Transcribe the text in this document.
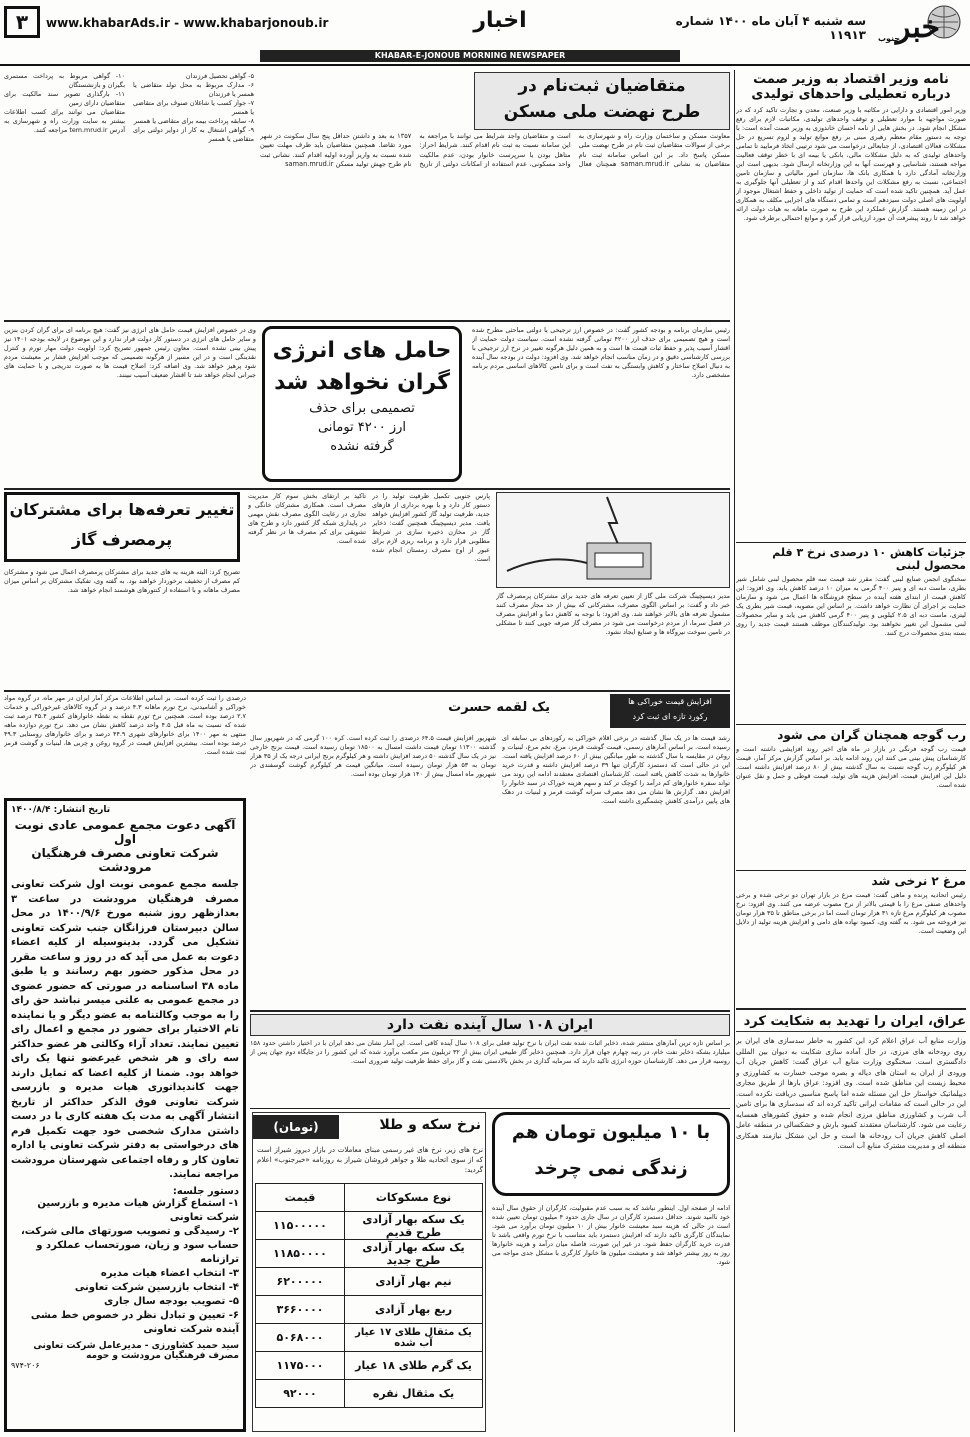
خبر
جنوب
سه شنبه ۴ آبان ماه ۱۴۰۰ شماره ۱۱۹۱۳
اخبار
www.khabarAds.ir - www.khabarjonoub.ir
۳
KHABAR-E-JONOUB MORNING NEWSPAPER
نامه وزیر اقتصاد به وزیر صمت
درباره تعطیلی واحدهای تولیدی
وزیر امور اقتصادی و دارایی در مکاتبه با وزیر صنعت، معدن و تجارت تاکید کرد که در صورت مواجهه با موارد تعطیلی و توقف واحدهای تولیدی، مکاتبات لازم برای رفع مشکل انجام شود. در بخش هایی از نامه احسان خاندوزی به وزیر صمت آمده است: با توجه به دستور مقام معظم رهبری مبنی بر رفع موانع تولید و لزوم تسریع در حل مشکلات فعالان اقتصادی، از جنابعالی درخواست می شود ترتیبی اتخاذ فرمایید تا تمامی واحدهای تولیدی که به دلیل مشکلات مالی، بانکی یا بیمه ای با خطر توقف فعالیت مواجه هستند، شناسایی و فهرست آنها به این وزارتخانه ارسال شود. بدیهی است این وزارتخانه آمادگی دارد با همکاری بانک ها، سازمان امور مالیاتی و سازمان تامین اجتماعی، نسبت به رفع مشکلات این واحدها اقدام کند و از تعطیلی آنها جلوگیری به عمل آید. همچنین تاکید شده است که حمایت از تولید داخلی و حفظ اشتغال موجود از اولویت های اصلی دولت سیزدهم است و تمامی دستگاه های اجرایی مکلف به همکاری در این زمینه هستند. گزارش عملکرد این طرح به صورت ماهانه به هیات دولت ارائه خواهد شد تا روند پیشرفت آن مورد ارزیابی قرار گیرد و موانع احتمالی برطرف شود.
جزئیات کاهش ۱۰ درصدی نرخ ۳ قلم محصول لبنی
سخنگوی انجمن صنایع لبنی گفت: مقرر شد قیمت سه قلم محصول لبنی شامل شیر بطری، ماست دبه ای و پنیر ۴۰۰ گرمی به میزان ۱۰ درصد کاهش یابد. وی افزود: این کاهش قیمت از ابتدای هفته آینده در سطح فروشگاه ها اعمال می شود و سازمان حمایت بر اجرای آن نظارت خواهد داشت. بر اساس این مصوبه، قیمت شیر بطری یک لیتری، ماست دبه ای ۲.۵ کیلویی و پنیر ۴۰۰ گرمی کاهش می یابد و سایر محصولات لبنی مشمول این تغییر نخواهند بود. تولیدکنندگان موظف هستند قیمت جدید را روی بسته بندی محصولات درج کنند.
رب گوجه همچنان گران می شود
قیمت رب گوجه فرنگی در بازار در ماه های اخیر روند افزایشی داشته است و کارشناسان پیش بینی می کنند این روند ادامه یابد. بر اساس گزارش مرکز آمار، قیمت هر کیلوگرم رب گوجه نسبت به سال گذشته بیش از ۸۰ درصد افزایش داشته است. دلیل این افزایش قیمت، افزایش هزینه های تولید، قیمت قوطی و حمل و نقل عنوان شده است.
مرغ ۲ نرخی شد
رئیس اتحادیه پرنده و ماهی گفت: قیمت مرغ در بازار تهران دو نرخی شده و برخی واحدهای صنفی مرغ را با قیمتی بالاتر از نرخ مصوب عرضه می کنند. وی افزود: نرخ مصوب هر کیلوگرم مرغ تازه ۳۱ هزار تومان است اما در برخی مناطق تا ۳۵ هزار تومان نیز فروخته می شود. به گفته وی، کمبود نهاده های دامی و افزایش هزینه تولید از دلایل این وضعیت است.
عراق، ایران را تهدید به شکایت کرد
وزارت منابع آب عراق اعلام کرد این کشور به خاطر سدسازی های ایران بر روی رودخانه های مرزی، در حال آماده سازی شکایت به دیوان بین المللی دادگستری است. سخنگوی وزارت منابع آب عراق گفت: کاهش جریان آب ورودی از ایران به استان های دیاله و بصره موجب خسارت به کشاورزی و محیط زیست این مناطق شده است. وی افزود: عراق بارها از طریق مجاری دیپلماتیک خواستار حل این مسئله شده اما پاسخ مناسبی دریافت نکرده است. این در حالی است که مقامات ایرانی تاکید کرده اند که سدسازی ها برای تامین آب شرب و کشاورزی مناطق مرزی انجام شده و حقوق کشورهای همسایه رعایت می شود. کارشناسان معتقدند کمبود بارش و خشکسالی در منطقه عامل اصلی کاهش جریان آب رودخانه ها است و حل این مشکل نیازمند همکاری منطقه ای و مدیریت مشترک منابع آب است.
متقاضیان ثبت‌نام در
طرح نهضت ملی مسکن
معاونت مسکن و ساختمان وزارت راه و شهرسازی به برخی از سوالات متقاضیان ثبت نام در طرح نهضت ملی مسکن پاسخ داد. بر این اساس سامانه ثبت نام متقاضیان به نشانی saman.mrud.ir همچنان فعال است و متقاضیان واجد شرایط می توانند با مراجعه به این سامانه نسبت به ثبت نام اقدام کنند. شرایط احراز: متاهل بودن یا سرپرست خانوار بودن، عدم مالکیت واحد مسکونی، عدم استفاده از امکانات دولتی از تاریخ ۱۳۵۷ به بعد و داشتن حداقل پنج سال سکونت در شهر مورد تقاضا. همچنین متقاضیان باید ظرف مهلت تعیین شده نسبت به واریز آورده اولیه اقدام کنند. نشانی ثبت نام طرح جهش تولید مسکن saman.mrud.ir
۵- گواهی تحصیل فرزندان
۶- مدارک مربوط به محل تولد متقاضی یا همسر یا فرزندان
۷- جواز کسب یا شاغلان صنوف برای متقاضی یا همسر
۸- سابقه پرداخت بیمه برای متقاضی یا همسر
۹- گواهی اشتغال به کار از دوایر دولتی برای متقاضی یا همسر
۱۰- گواهی مربوط به پرداخت مستمری بگیران و بازنشستگان
۱۱- بارگذاری تصویر سند مالکیت برای متقاضیان دارای زمین
متقاضیان می توانند برای کسب اطلاعات بیشتر به سایت وزارت راه و شهرسازی به آدرس tem.mrud.ir مراجعه کنند.
رئیس سازمان برنامه و بودجه کشور گفت: در خصوص ارز ترجیحی یا دولتی مباحثی مطرح شده است و هیچ تصمیمی برای حذف ارز ۴۲۰۰ تومانی گرفته نشده است. سیاست دولت حمایت از اقشار آسیب پذیر و حفظ ثبات قیمت ها است و به همین دلیل هرگونه تغییر در نرخ ارز ترجیحی با بررسی کارشناسی دقیق و در زمان مناسب انجام خواهد شد. وی افزود: دولت در بودجه سال آینده به دنبال اصلاح ساختار و کاهش وابستگی به نفت است و برای تامین کالاهای اساسی مردم برنامه مشخصی دارد.
حامل های انرژی
گران نخواهد شد
تصمیمی برای حذف
ارز ۴۲۰۰ تومانی
گرفته نشده
وی در خصوص افزایش قیمت حامل های انرژی نیز گفت: هیچ برنامه ای برای گران کردن بنزین و سایر حامل های انرژی در دستور کار دولت قرار ندارد و این موضوع در لایحه بودجه ۱۴۰۱ نیز پیش بینی نشده است. معاون رئیس جمهور تصریح کرد: اولویت دولت مهار تورم و کنترل نقدینگی است و در این مسیر از هرگونه تصمیمی که موجب افزایش فشار بر معیشت مردم شود پرهیز خواهد شد. وی اضافه کرد: اصلاح قیمت ها به صورت تدریجی و با حمایت های جبرانی انجام خواهد شد تا اقشار ضعیف آسیب نبینند.
مدیر دیسپچینگ شرکت ملی گاز از تعیین تعرفه های جدید برای مشترکان پرمصرف گاز خبر داد و گفت: بر اساس الگوی مصرف، مشترکانی که بیش از حد مجاز مصرف کنند مشمول تعرفه های بالاتر خواهند شد. وی افزود: با توجه به کاهش دما و افزایش مصرف در فصل سرما، از مردم درخواست می شود در مصرف گاز صرفه جویی کنند تا مشکلی در تامین سوخت نیروگاه ها و صنایع ایجاد نشود.
پارس جنوبی تکمیل ظرفیت تولید را در دستور کار دارد و با بهره برداری از فازهای جدید، ظرفیت تولید گاز کشور افزایش خواهد یافت. مدیر دیسپچینگ همچنین گفت: ذخایر گاز در مخازن ذخیره سازی در شرایط مطلوبی قرار دارد و برنامه ریزی لازم برای عبور از اوج مصرف زمستان انجام شده است.
تاکید بر ارتقای بخش سوم کار مدیریت مصرف است. همکاری مشترکان خانگی و تجاری در رعایت الگوی مصرف نقش مهمی در پایداری شبکه گاز کشور دارد و طرح های تشویقی برای کم مصرف ها در نظر گرفته شده است.
تغییر تعرفه‌ها برای مشترکان
پرمصرف گاز
تصریح کرد: البته هزینه یه های جدید برای مشترکان پرمصرف اعمال می شود و مشترکان کم مصرف از تخفیف برخوردار خواهند بود. به گفته وی، تفکیک مشترکان بر اساس میزان مصرف ماهانه و با استفاده از کنتورهای هوشمند انجام خواهد شد.
درصدی را ثبت کرده است. بر اساس اطلاعات مرکز آمار ایران در مهر ماه، در گروه مواد خوراکی و آشامیدنی، نرخ تورم ماهانه ۴.۳ درصد و در گروه کالاهای غیرخوراکی و خدمات ۲.۷ درصد بوده است. همچنین نرخ تورم نقطه به نقطه خانوارهای کشور ۴۵.۴ درصد ثبت شده که نسبت به ماه قبل ۴.۵ واحد درصد کاهش نشان می دهد. نرخ تورم دوازده ماهه منتهی به مهر ۱۴۰۰ برای خانوارهای شهری ۴۴.۹ درصد و برای خانوارهای روستایی ۴۹.۳ درصد بوده است. بیشترین افزایش قیمت در گروه روغن و چربی ها، لبنیات و گوشت قرمز ثبت شده است.
افزایش قیمت خوراکی ها
رکورد تازه ای ثبت کرد
یک لقمه حسرت
رشد قیمت ها در یک سال گذشته در برخی اقلام خوراکی به رکوردهای بی سابقه ای رسیده است. بر اساس آمارهای رسمی، قیمت گوشت قرمز، مرغ، تخم مرغ، لبنیات و روغن در مقایسه با سال گذشته به طور میانگین بیش از ۶۰ درصد افزایش یافته است. این در حالی است که دستمزد کارگران تنها ۳۹ درصد افزایش داشته و قدرت خرید خانوارها به شدت کاهش یافته است. کارشناسان اقتصادی معتقدند ادامه این روند می تواند سفره خانوارهای کم درآمد را کوچک تر کند و سهم هزینه خوراک در سبد خانوار را افزایش دهد. گزارش ها نشان می دهد مصرف سرانه گوشت قرمز و لبنیات در دهک های پایین درآمدی کاهش چشمگیری داشته است.
شهریور افزایش قیمت ۶۴.۵ درصدی را ثبت کرده است. کره ۱۰۰ گرمی که در شهریور سال گذشته ۱۱۳۰۰ تومان قیمت داشت امسال به ۱۸۵۰۰ تومان رسیده است. قیمت برنج خارجی نیز در یک سال گذشته ۵۰ درصد افزایش داشته و هر کیلوگرم برنج ایرانی درجه یک از ۳۵ هزار تومان به ۵۳ هزار تومان رسیده است. میانگین قیمت هر کیلوگرم گوشت گوسفندی در شهریور ماه امسال بیش از ۱۴۰ هزار تومان بوده است.
ایران ۱۰۸ سال آینده نفت دارد
بر اساس تازه ترین آمارهای منتشر شده، ذخایر اثبات شده نفت ایران با نرخ تولید فعلی برای ۱۰۸ سال آینده کافی است. این آمار نشان می دهد ایران با در اختیار داشتن حدود ۱۵۸ میلیارد بشکه ذخایر نفت خام، در رتبه چهارم جهان قرار دارد. همچنین ذخایر گاز طبیعی ایران بیش از ۳۲ تریلیون متر مکعب برآورد شده که این کشور را در جایگاه دوم جهان پس از روسیه قرار می دهد. کارشناسان حوزه انرژی تاکید دارند که سرمایه گذاری در بخش بالادستی نفت و گاز برای حفظ ظرفیت تولید ضروری است.
با ۱۰ میلیون تومان هم
زندگی‌ نمی چرخد
ادامه از صفحه اول. اینطور نباشد که به سبب عدم مقبولیت، کارگران از حقوق سال آینده خود ناامید شوند. حداقل دستمزد کارگران در سال جاری حدود ۴ میلیون تومان تعیین شده است در حالی که هزینه سبد معیشت خانوار بیش از ۱۰ میلیون تومان برآورد می شود. نمایندگان کارگری تاکید دارند که افزایش دستمزد باید متناسب با نرخ تورم واقعی باشد تا قدرت خرید کارگران حفظ شود. در غیر این صورت، فاصله میان درآمد و هزینه خانوارها روز به روز بیشتر خواهد شد و معیشت میلیون ها خانوار کارگری با مشکل جدی مواجه می شود.
نرخ سکه و طلا
(تومان)
نرخ های زیر، نرخ های غیر رسمی مبنای معاملات در بازار دیروز شیراز است که از سوی اتحادیه طلا و جواهر فروشان شیراز به روزنامه «خبرجنوب» اعلام گردید:
نوع مسکوکات	قیمت
یک سکه بهار آزادی طرح قدیم	۱۱۵۰۰۰۰۰
یک سکه بهار آزادی طرح جدید	۱۱۸۵۰۰۰۰
نیم بهار آزادی	۶۲۰۰۰۰۰
ربع بهار آزادی	۳۶۶۰۰۰۰
یک مثقال طلای ۱۷ عیار آب شده	۵۰۶۸۰۰۰
یک گرم طلای ۱۸ عیار	۱۱۷۵۰۰۰
یک مثقال نقره	۹۲۰۰۰
تاریخ انتشار: ۱۴۰۰/۸/۴
آگهی دعوت مجمع عمومی عادی نوبت اول
شرکت تعاونی مصرف فرهنگیان مرودشت
جلسه مجمع عمومی نوبت اول شرکت تعاونی مصرف فرهنگیان مرودشت در ساعت ۳ بعدازظهر روز شنبه مورخ ۱۴۰۰/۹/۶ در محل سالن دبیرستان فرزانگان جنب شرکت تعاونی تشکیل می گردد. بدینوسیله از کلیه اعضاء دعوت به عمل می آید که در روز و ساعت مقرر در محل مذکور حضور بهم رسانند و یا طبق ماده ۳۸ اساسنامه در صورتی که حضور عضوی در مجمع عمومی به علتی میسر نباشد حق رای را به موجب وکالتنامه به عضو دیگر و یا نماینده تام الاختیار برای حضور در مجمع و اعمال رای تعیین نمایند. تعداد آراء وکالتی هر عضو حداکثر سه رای و هر شخص غیرعضو تنها یک رای خواهد بود. ضمنا از کلیه اعضا که تمایل دارند جهت کاندیداتوری هیات مدیره و بازرسی شرکت تعاونی فوق الذکر حداکثر از تاریخ انتشار آگهی به مدت یک هفته کاری با در دست داشتن مدارک شخصی خود جهت تکمیل فرم های درخواستی به دفتر شرکت تعاونی یا اداره تعاون کار و رفاه اجتماعی شهرستان مرودشت مراجعه نمایند.
دستور جلسه:
۱- استماع گزارش هیات مدیره و بازرسین شرکت تعاونی
۲- رسیدگی و تصویب صورتهای مالی شرکت، حساب سود و زیان، صورتحساب عملکرد و ترازنامه
۳- انتخاب اعضاء هیات مدیره
۴- انتخاب بازرسین شرکت تعاونی
۵- تصویب بودجه سال جاری
۶- تعیین و تبادل نظر در خصوص خط مشی آینده شرکت تعاونی
سید حمید کشاورزی - مدیرعامل شرکت تعاونی مصرف فرهنگیان مرودشت و حومه
۹۷۴-۲۰۶
